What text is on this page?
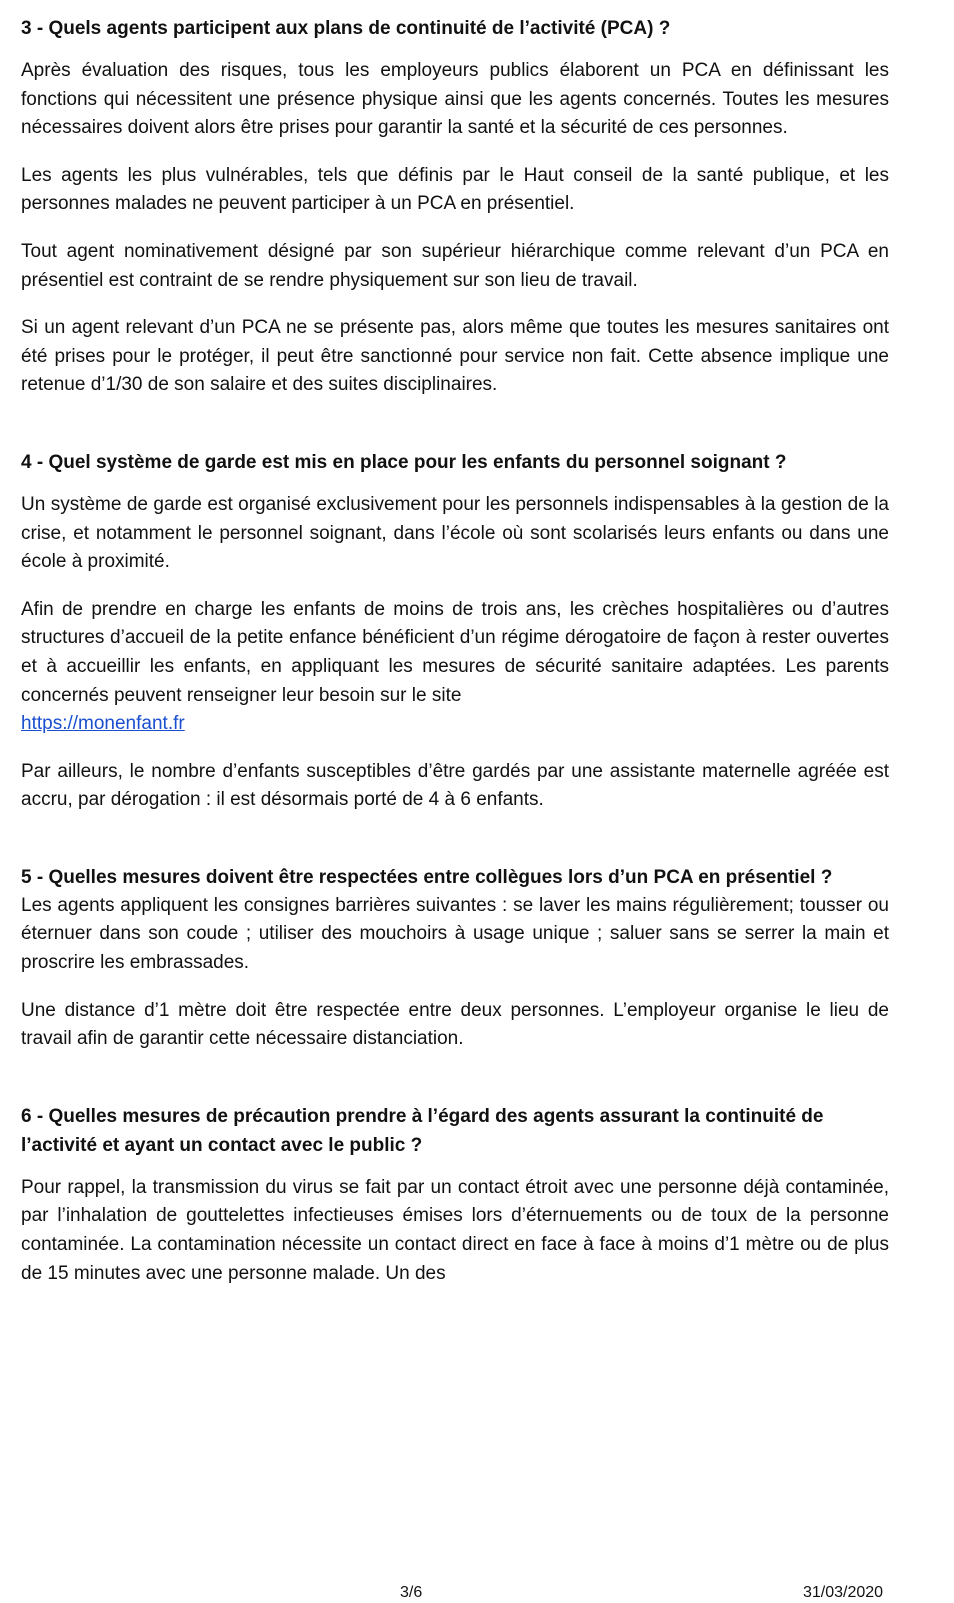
3 - Quels agents participent aux plans de continuité de l’activité (PCA) ?

Après évaluation des risques, tous les employeurs publics élaborent un PCA en définissant les fonctions qui nécessitent une présence physique ainsi que les agents concernés. Toutes les mesures nécessaires doivent alors être prises pour garantir la santé et la sécurité de ces personnes.

Les agents les plus vulnérables, tels que définis par le Haut conseil de la santé publique, et les personnes malades ne peuvent participer à un PCA en présentiel.

Tout agent nominativement désigné par son supérieur hiérarchique comme relevant d’un PCA en présentiel est contraint de se rendre physiquement sur son lieu de travail.

Si un agent relevant d’un PCA ne se présente pas, alors même que toutes les mesures sanitaires ont été prises pour le protéger, il peut être sanctionné pour service non fait. Cette absence implique une retenue d’1/30 de son salaire et des suites disciplinaires.

4 - Quel système de garde est mis en place pour les enfants du personnel soignant ?

Un système de garde est organisé exclusivement pour les personnels indispensables à la gestion de la crise, et notamment le personnel soignant, dans l’école où sont scolarisés leurs enfants ou dans une école à proximité.

Afin de prendre en charge les enfants de moins de trois ans, les crèches hospitalières ou d’autres structures d’accueil de la petite enfance bénéficient d’un régime dérogatoire de façon à rester ouvertes et à accueillir les enfants, en appliquant les mesures de sécurité sanitaire adaptées. Les parents concernés peuvent renseigner leur besoin sur le site

https://monenfant.fr

Par ailleurs, le nombre d’enfants susceptibles d’être gardés par une assistante maternelle agréée est accru, par dérogation : il est désormais porté de 4 à 6 enfants.

5 - Quelles mesures doivent être respectées entre collègues lors d’un PCA en présentiel ?

Les agents appliquent les consignes barrières suivantes : se laver les mains régulièrement; tousser ou éternuer dans son coude ; utiliser des mouchoirs à usage unique ; saluer sans se serrer la main et proscrire les embrassades.

Une distance d’1 mètre doit être respectée entre deux personnes. L’employeur organise le lieu de travail afin de garantir cette nécessaire distanciation.

6 - Quelles mesures de précaution prendre à l’égard des agents assurant la continuité de l’activité et ayant un contact avec le public ?

Pour rappel, la transmission du virus se fait par un contact étroit avec une personne déjà contaminée, par l’inhalation de gouttelettes infectieuses émises lors d’éternuements ou de toux de la personne contaminée. La contamination nécessite un contact direct en face à face à moins d’1 mètre ou de plus de 15 minutes avec une personne malade. Un des

3/6	31/03/2020
